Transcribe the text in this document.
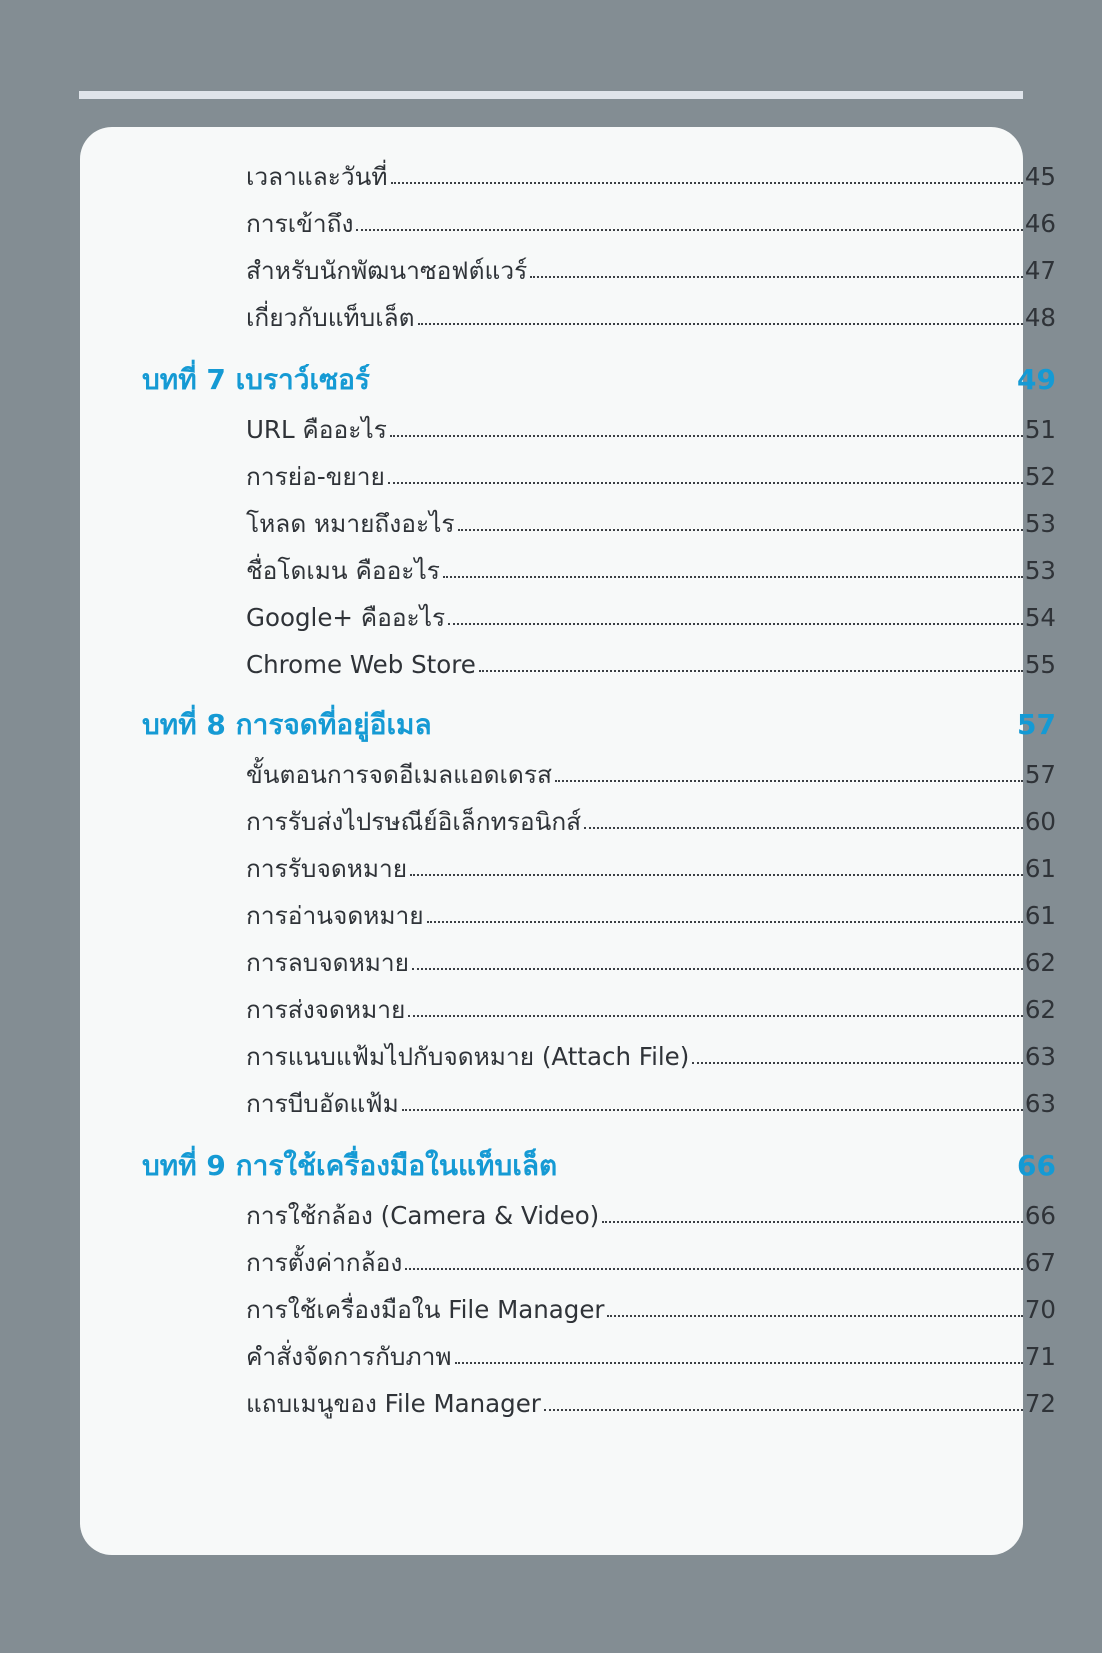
เวลาและวันที่	45
การเข้าถึง	46
สำหรับนักพัฒนาซอฟต์แวร์	47
เกี่ยวกับแท็บเล็ต	48
บทที่ 7 เบราว์เซอร์	49
URL คืออะไร	51
การย่อ-ขยาย	52
โหลด หมายถึงอะไร	53
ชื่อโดเมน คืออะไร	53
Google+ คืออะไร	54
Chrome Web Store	55
บทที่ 8 การจดที่อยู่อีเมล	57
ขั้นตอนการจดอีเมลแอดเดรส	57
การรับส่งไปรษณีย์อิเล็กทรอนิกส์	60
การรับจดหมาย	61
การอ่านจดหมาย	61
การลบจดหมาย	62
การส่งจดหมาย	62
การแนบแฟ้มไปกับจดหมาย (Attach File)	63
การบีบอัดแฟ้ม	63
บทที่ 9 การใช้เครื่องมือในแท็บเล็ต	66
การใช้กล้อง (Camera & Video)	66
การตั้งค่ากล้อง	67
การใช้เครื่องมือใน File Manager	70
คำสั่งจัดการกับภาพ	71
แถบเมนูของ File Manager	72
